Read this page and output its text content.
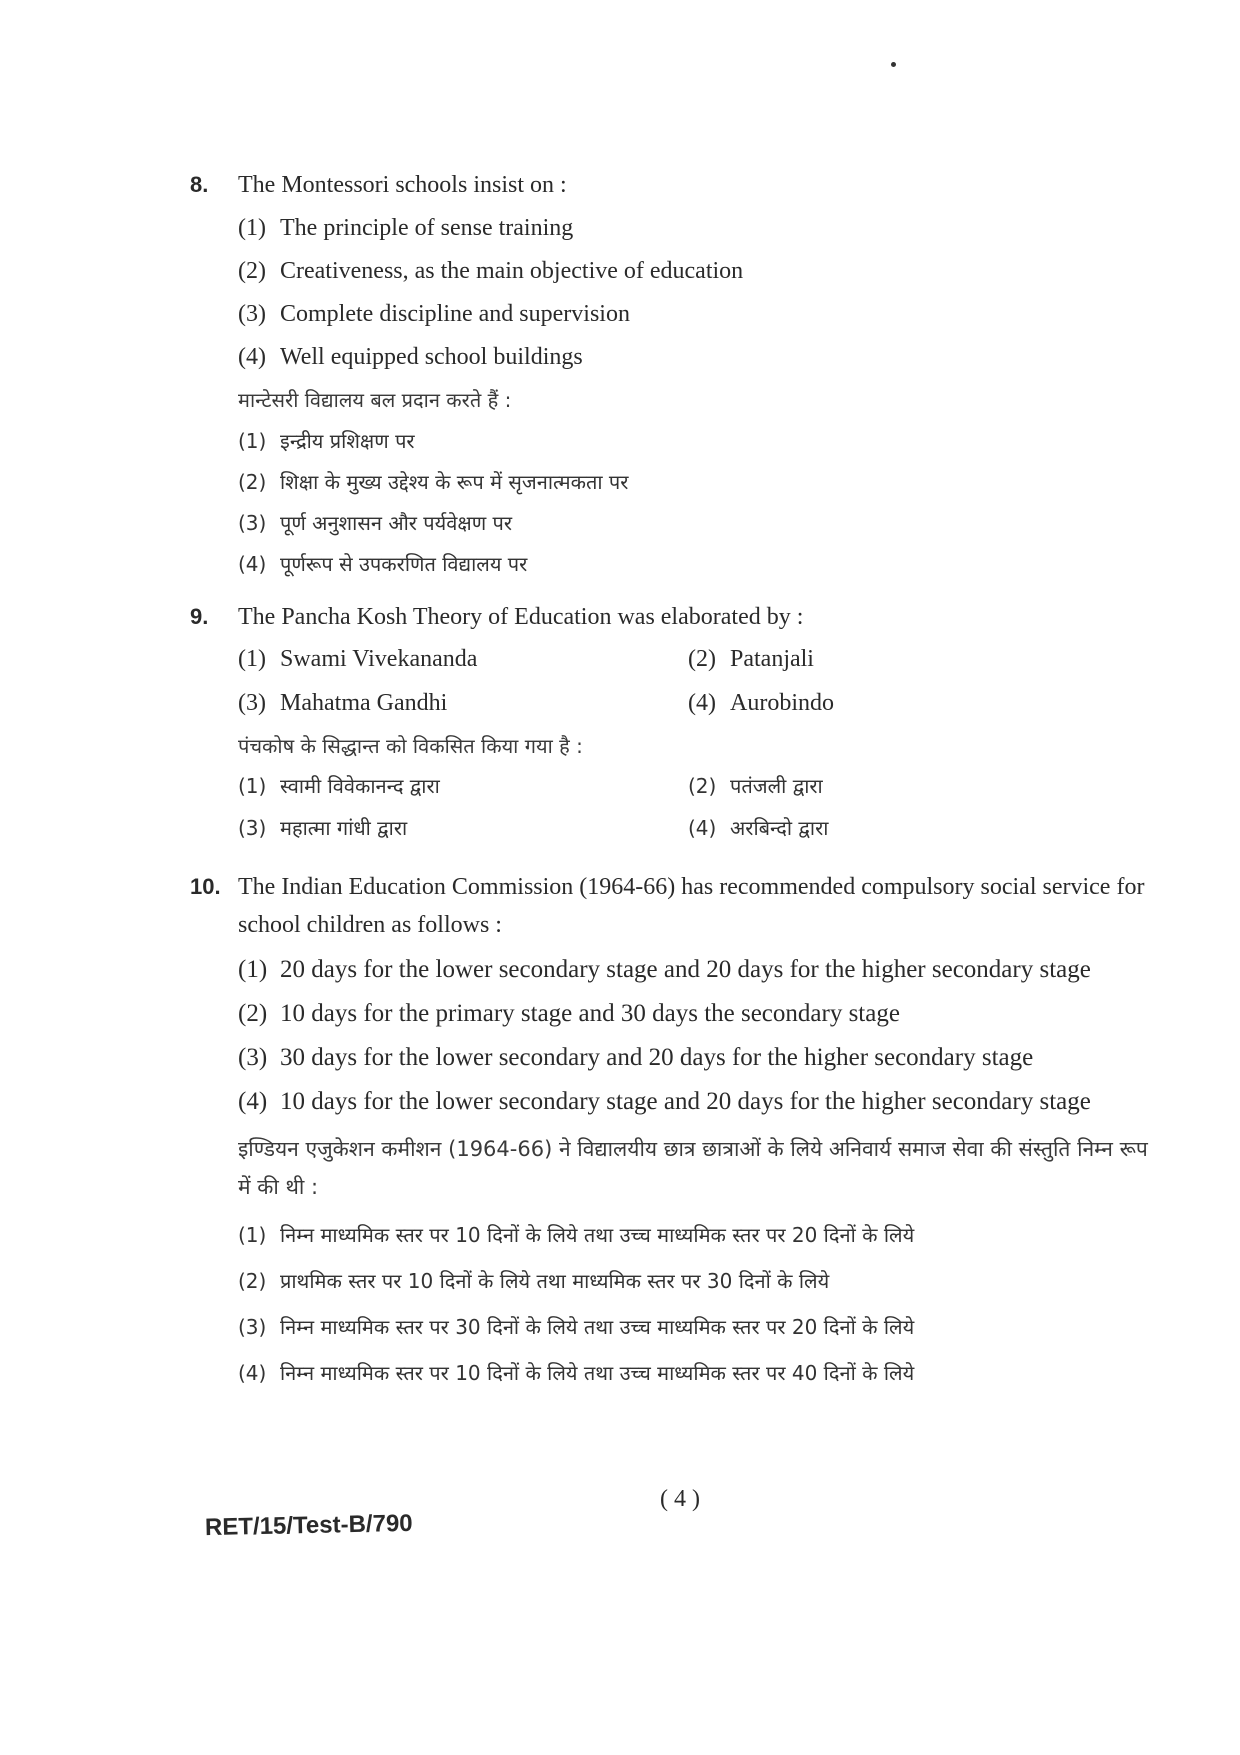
8.	The Montessori schools insist on :
(1) The principle of sense training
(2) Creativeness, as the main objective of education
(3) Complete discipline and supervision
(4) Well equipped school buildings
मान्टेसरी विद्यालय बल प्रदान करते हैं :
(1) इन्द्रीय प्रशिक्षण पर
(2) शिक्षा के मुख्य उद्देश्य के रूप में सृजनात्मकता पर
(3) पूर्ण अनुशासन और पर्यवेक्षण पर
(4) पूर्णरूप से उपकरणित विद्यालय पर
9.	The Pancha Kosh Theory of Education was elaborated by :
(1) Swami Vivekananda	(2) Patanjali
(3) Mahatma Gandhi	(4) Aurobindo
पंचकोष के सिद्धान्त को विकसित किया गया है :
(1) स्वामी विवेकानन्द द्वारा	(2) पतंजली द्वारा
(3) महात्मा गांधी द्वारा	(4) अरबिन्दो द्वारा
10. The Indian Education Commission (1964-66) has recommended compulsory social service for school children as follows :
(1) 20 days for the lower secondary stage and 20 days for the higher secondary stage
(2) 10 days for the primary stage and 30 days the secondary stage
(3) 30 days for the lower secondary and 20 days for the higher secondary stage
(4) 10 days for the lower secondary stage and 20 days for the higher secondary stage
इण्डियन एजुकेशन कमीशन (1964-66) ने विद्यालयीय छात्र छात्राओं के लिये अनिवार्य समाज सेवा की संस्तुति निम्न रूप में की थी :
(1) निम्न माध्यमिक स्तर पर 10 दिनों के लिये तथा उच्च माध्यमिक स्तर पर 20 दिनों के लिये
(2) प्राथमिक स्तर पर 10 दिनों के लिये तथा माध्यमिक स्तर पर 30 दिनों के लिये
(3) निम्न माध्यमिक स्तर पर 30 दिनों के लिये तथा उच्च माध्यमिक स्तर पर 20 दिनों के लिये
(4) निम्न माध्यमिक स्तर पर 10 दिनों के लिये तथा उच्च माध्यमिक स्तर पर 40 दिनों के लिये
( 4 )
RET/15/Test-B/790
